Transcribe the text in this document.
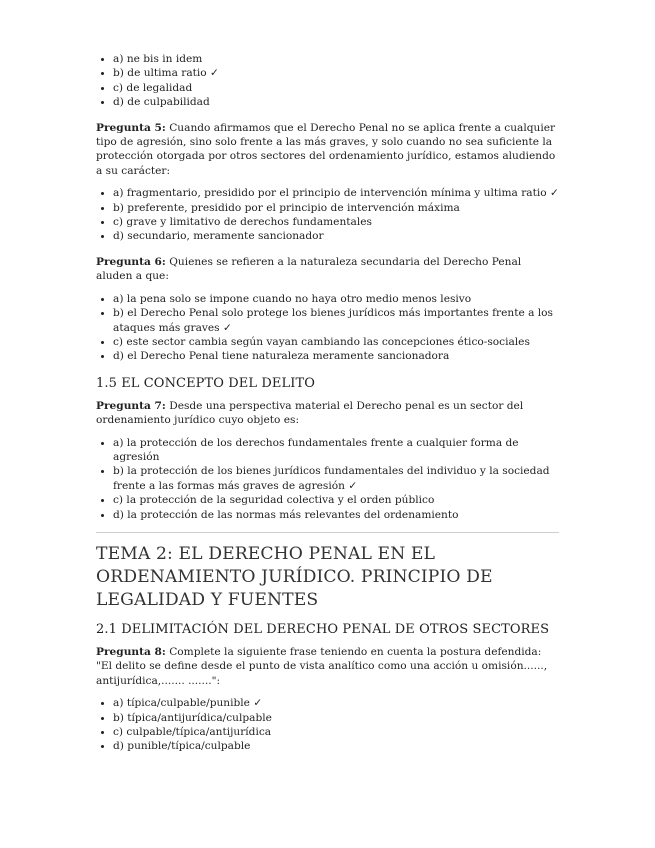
• a) ne bis in idem
• b) de ultima ratio ✓
• c) de legalidad
• d) de culpabilidad

Pregunta 5: Cuando afirmamos que el Derecho Penal no se aplica frente a cualquier tipo de agresión, sino solo frente a las más graves, y solo cuando no sea suficiente la protección otorgada por otros sectores del ordenamiento jurídico, estamos aludiendo a su carácter:

• a) fragmentario, presidido por el principio de intervención mínima y ultima ratio ✓
• b) preferente, presidido por el principio de intervención máxima
• c) grave y limitativo de derechos fundamentales
• d) secundario, meramente sancionador

Pregunta 6: Quienes se refieren a la naturaleza secundaria del Derecho Penal aluden a que:

• a) la pena solo se impone cuando no haya otro medio menos lesivo
• b) el Derecho Penal solo protege los bienes jurídicos más importantes frente a los ataques más graves ✓
• c) este sector cambia según vayan cambiando las concepciones ético-sociales
• d) el Derecho Penal tiene naturaleza meramente sancionadora
1.5 EL CONCEPTO DEL DELITO

Pregunta 7: Desde una perspectiva material el Derecho penal es un sector del ordenamiento jurídico cuyo objeto es:

• a) la protección de los derechos fundamentales frente a cualquier forma de agresión
• b) la protección de los bienes jurídicos fundamentales del individuo y la sociedad frente a las formas más graves de agresión ✓
• c) la protección de la seguridad colectiva y el orden público
• d) la protección de las normas más relevantes del ordenamiento
TEMA 2: EL DERECHO PENAL EN EL ORDENAMIENTO JURÍDICO. PRINCIPIO DE LEGALIDAD Y FUENTES
2.1 DELIMITACIÓN DEL DERECHO PENAL DE OTROS SECTORES

Pregunta 8: Complete la siguiente frase teniendo en cuenta la postura defendida: "El delito se define desde el punto de vista analítico como una acción u omisión......, antijurídica,....... .......":

• a) típica/culpable/punible ✓
• b) típica/antijurídica/culpable
• c) culpable/típica/antijurídica
• d) punible/típica/culpable
